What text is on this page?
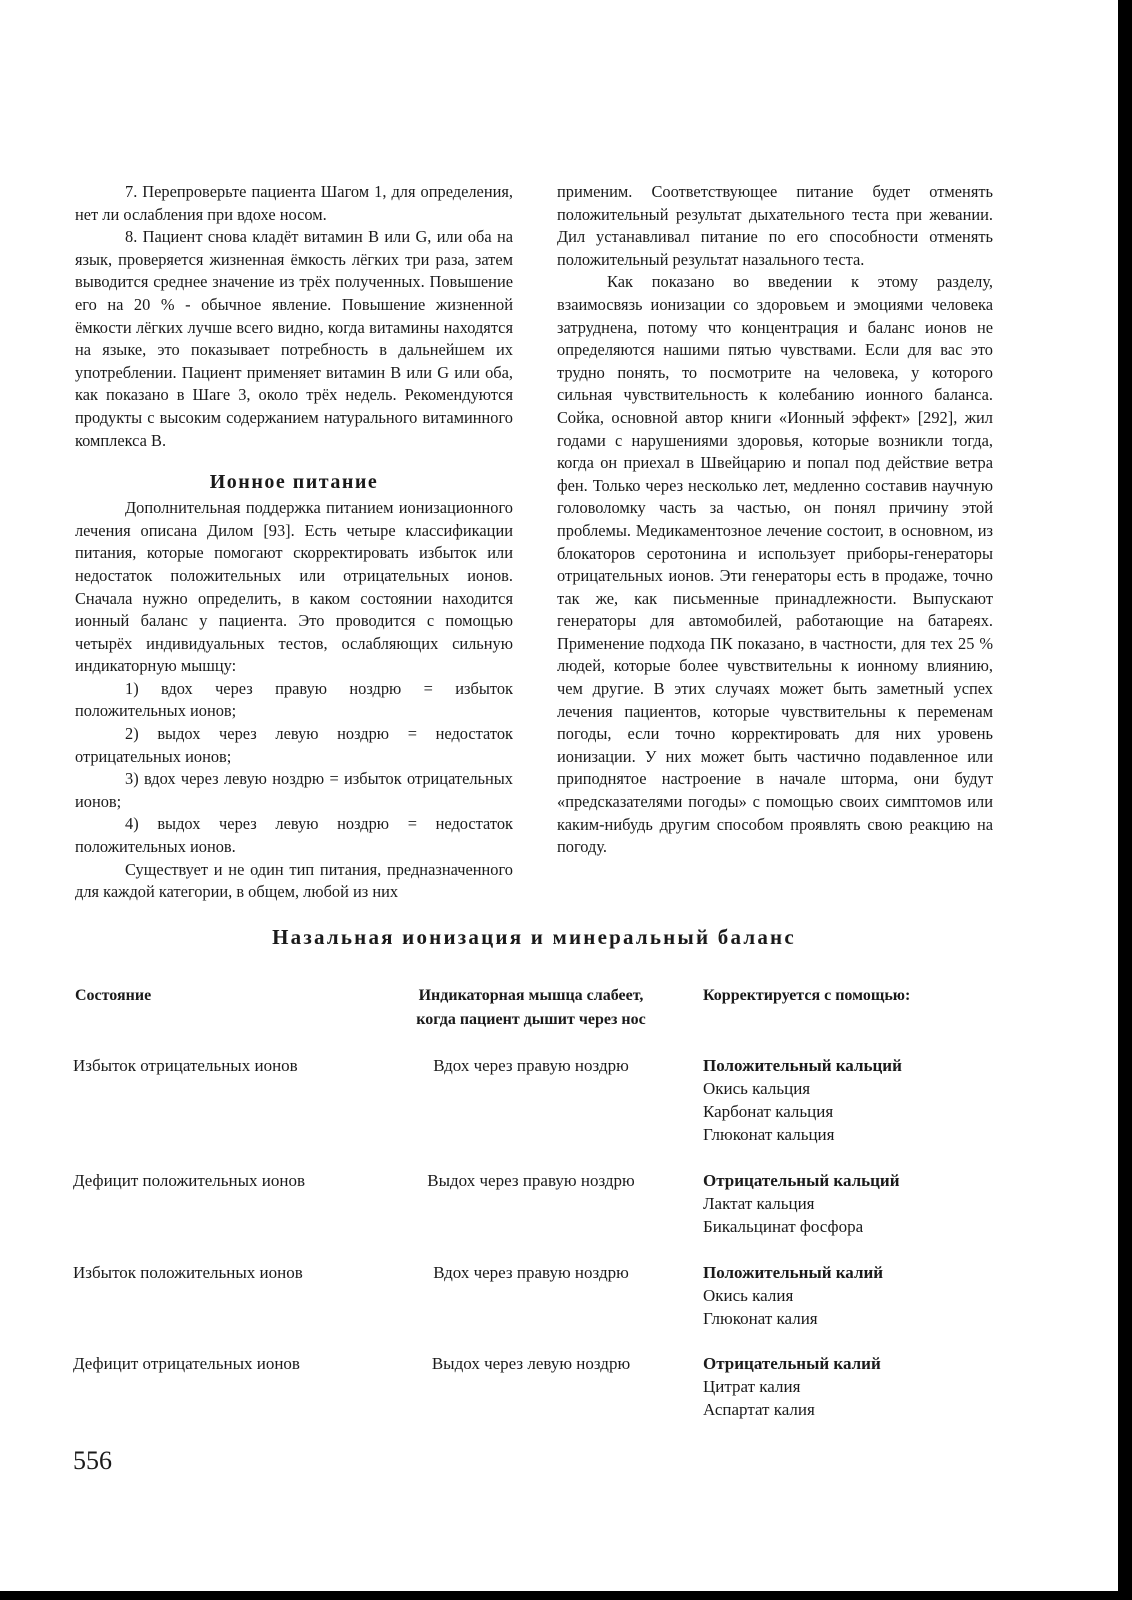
7. Перепроверьте пациента Шагом 1, для определения, нет ли ослабления при вдохе носом.

8. Пациент снова кладёт витамин В или G, или оба на язык, проверяется жизненная ёмкость лёгких три раза, затем выводится среднее значение из трёх полученных. Повышение его на 20 % - обычное явление. Повышение жизненной ёмкости лёгких лучше всего видно, когда витамины находятся на языке, это показывает потребность в дальнейшем их употреблении. Пациент применяет витамин В или G или оба, как показано в Шаге 3, около трёх недель. Рекомендуются продукты с высоким содержанием натурального витаминного комплекса В.

Ионное питание

Дополнительная поддержка питанием ионизационного лечения описана Дилом [93]. Есть четыре классификации питания, которые помогают скорректировать избыток или недостаток положительных или отрицательных ионов. Сначала нужно определить, в каком состоянии находится ионный баланс у пациента. Это проводится с помощью четырёх индивидуальных тестов, ослабляющих сильную индикаторную мышцу:

1) вдох через правую ноздрю = избыток положительных ионов;

2) выдох через левую ноздрю = недостаток отрицательных ионов;

3) вдох через левую ноздрю = избыток отрицательных ионов;

4) выдох через левую ноздрю = недостаток положительных ионов.

Существует и не один тип питания, предназначенного для каждой категории, в общем, любой из них

применим. Соответствующее питание будет отменять положительный результат дыхательного теста при жевании. Дил устанавливал питание по его способности отменять положительный результат назального теста.

Как показано во введении к этому разделу, взаимосвязь ионизации со здоровьем и эмоциями человека затруднена, потому что концентрация и баланс ионов не определяются нашими пятью чувствами. Если для вас это трудно понять, то посмотрите на человека, у которого сильная чувствительность к колебанию ионного баланса. Сойка, основной автор книги «Ионный эффект» [292], жил годами с нарушениями здоровья, которые возникли тогда, когда он приехал в Швейцарию и попал под действие ветра фен. Только через несколько лет, медленно составив научную головоломку часть за частью, он понял причину этой проблемы. Медикаментозное лечение состоит, в основном, из блокаторов серотонина и использует приборы-генераторы отрицательных ионов. Эти генераторы есть в продаже, точно так же, как письменные принадлежности. Выпускают генераторы для автомобилей, работающие на батареях. Применение подхода ПК показано, в частности, для тех 25 % людей, которые более чувствительны к ионному влиянию, чем другие. В этих случаях может быть заметный успех лечения пациентов, которые чувствительны к переменам погоды, если точно корректировать для них уровень ионизации. У них может быть частично подавленное или приподнятое настроение в начале шторма, они будут «предсказателями погоды» с помощью своих симптомов или каким-нибудь другим способом проявлять свою реакцию на погоду.

Назальная ионизация и минеральный баланс
Состояние	Индикаторная мышца слабеет,
когда пациент дышит через нос
Корректируется с помощью:
Избыток отрицательных ионов	Вдох через правую ноздрю	Положительный кальций
Окись кальция
Карбонат кальция
Глюконат кальция
Дефицит положительных ионов	Выдох через правую ноздрю	Отрицательный кальций
Лактат кальция
Бикальцинат фосфора
Избыток положительных ионов	Вдох через правую ноздрю	Положительный калий
Окись калия
Глюконат калия
Дефицит отрицательных ионов	Выдох через левую ноздрю	Отрицательный калий
Цитрат калия
Аспартат калия
556
